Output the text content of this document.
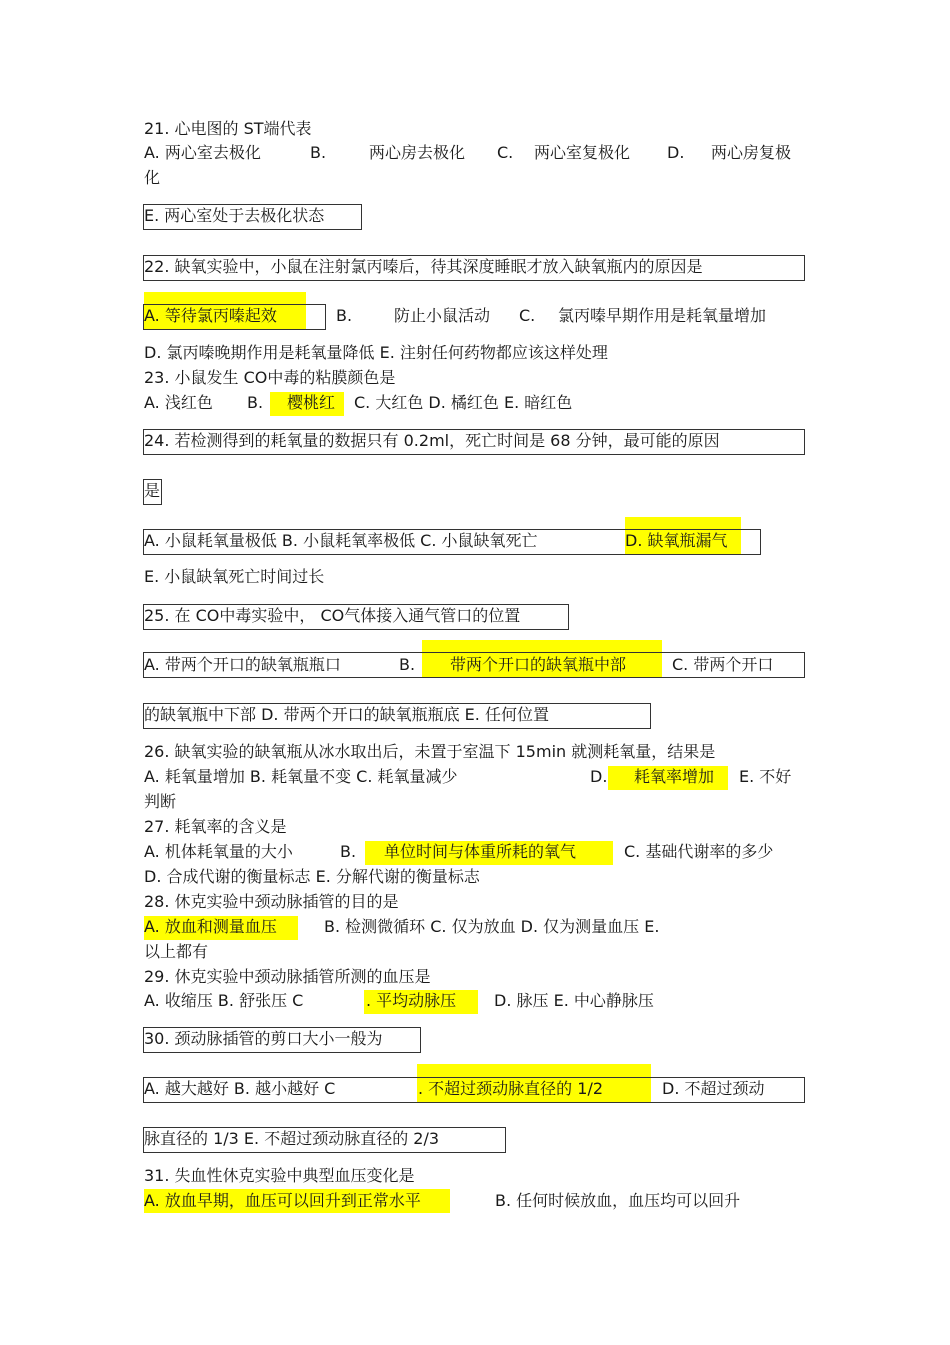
21. 心电图的 ST端代表
A. 两心室去极化	B.	两心房去极化 C. 两心室复极化 D. 两心房复极
化
E. 两心室处于去极化状态
22. 缺氧实验中，小鼠在注射氯丙嗪后，待其深度睡眠才放入缺氧瓶内的原因是
A. 等待氯丙嗪起效	B.	防止小鼠活动 C. 氯丙嗪早期作用是耗氧量增加
D. 氯丙嗪晚期作用是耗氧量降低 E. 注射任何药物都应该这样处理
23. 小鼠发生 CO中毒的粘膜颜色是
A. 浅红色 B. 樱桃红 C. 大红色 D. 橘红色 E. 暗红色
24. 若检测得到的耗氧量的数据只有 0.2ml，死亡时间是 68 分钟，最可能的原因
是
A. 小鼠耗氧量极低 B. 小鼠耗氧率极低 C. 小鼠缺氧死亡	D. 缺氧瓶漏气
E. 小鼠缺氧死亡时间过长
25. 在 CO中毒实验中， CO气体接入通气管口的位置
A. 带两个开口的缺氧瓶瓶口	B. 带两个开口的缺氧瓶中部	C. 带两个开口
的缺氧瓶中下部 D. 带两个开口的缺氧瓶瓶底 E. 任何位置
26. 缺氧实验的缺氧瓶从冰水取出后，未置于室温下 15min 就测耗氧量，结果是
A. 耗氧量增加 B. 耗氧量不变 C. 耗氧量减少	D. 耗氧率增加 E. 不好
判断
27. 耗氧率的含义是
A. 机体耗氧量的大小	B. 单位时间与体重所耗的氧气	C. 基础代谢率的多少
D. 合成代谢的衡量标志 E. 分解代谢的衡量标志
28. 休克实验中颈动脉插管的目的是
A. 放血和测量血压	B. 检测微循环 C. 仅为放血 D. 仅为测量血压 E.
以上都有
29. 休克实验中颈动脉插管所测的血压是
A. 收缩压 B. 舒张压 C	. 平均动脉压 D. 脉压 E. 中心静脉压
30. 颈动脉插管的剪口大小一般为
A. 越大越好 B. 越小越好 C	. 不超过颈动脉直径的 1/2	D. 不超过颈动
脉直径的 1/3 E. 不超过颈动脉直径的 2/3
31. 失血性休克实验中典型血压变化是
A. 放血早期，血压可以回升到正常水平	B. 任何时候放血，血压均可以回升
